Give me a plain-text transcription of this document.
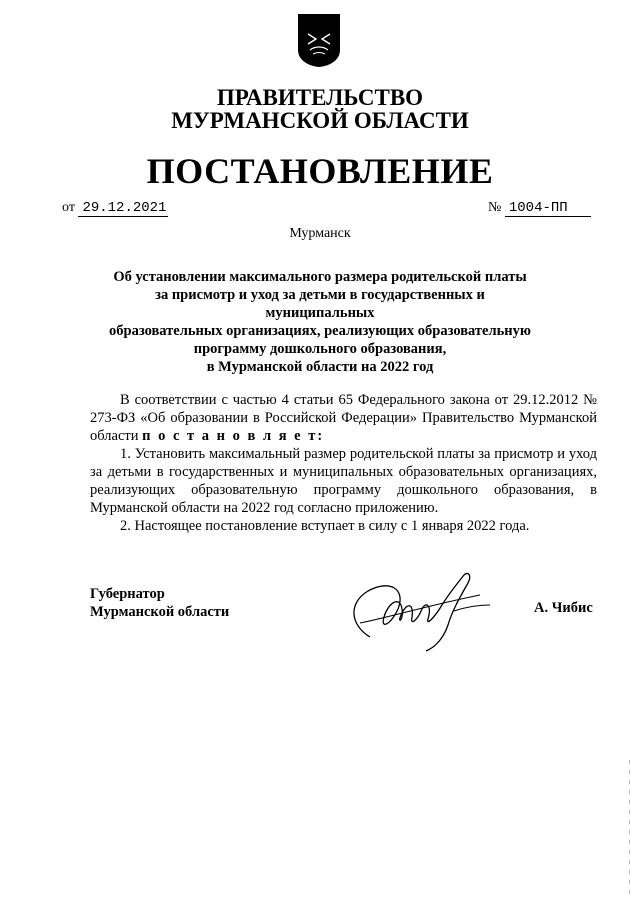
ПРАВИТЕЛЬСТВО
МУРМАНСКОЙ ОБЛАСТИ
ПОСТАНОВЛЕНИЕ
от 29.12.2021	№ 1004-ПП
Мурманск
Об установлении максимального размера родительской платы
за присмотр и уход за детьми в государственных и муниципальных
образовательных организациях, реализующих образовательную
программу дошкольного образования,
в Мурманской области на 2022 год

В соответствии с частью 4 статьи 65 Федерального закона от 29.12.2012 № 273-ФЗ «Об образовании в Российской Федерации» Правительство Мурманской области п о с т а н о в л я е т:

1. Установить максимальный размер родительской платы за присмотр и уход за детьми в государственных и муниципальных образовательных организациях, реализующих образовательную программу дошкольного образования, в Мурманской области на 2022 год согласно приложению.

2. Настоящее постановление вступает в силу с 1 января 2022 года.

Губернатор
Мурманской области	А. Чибис
